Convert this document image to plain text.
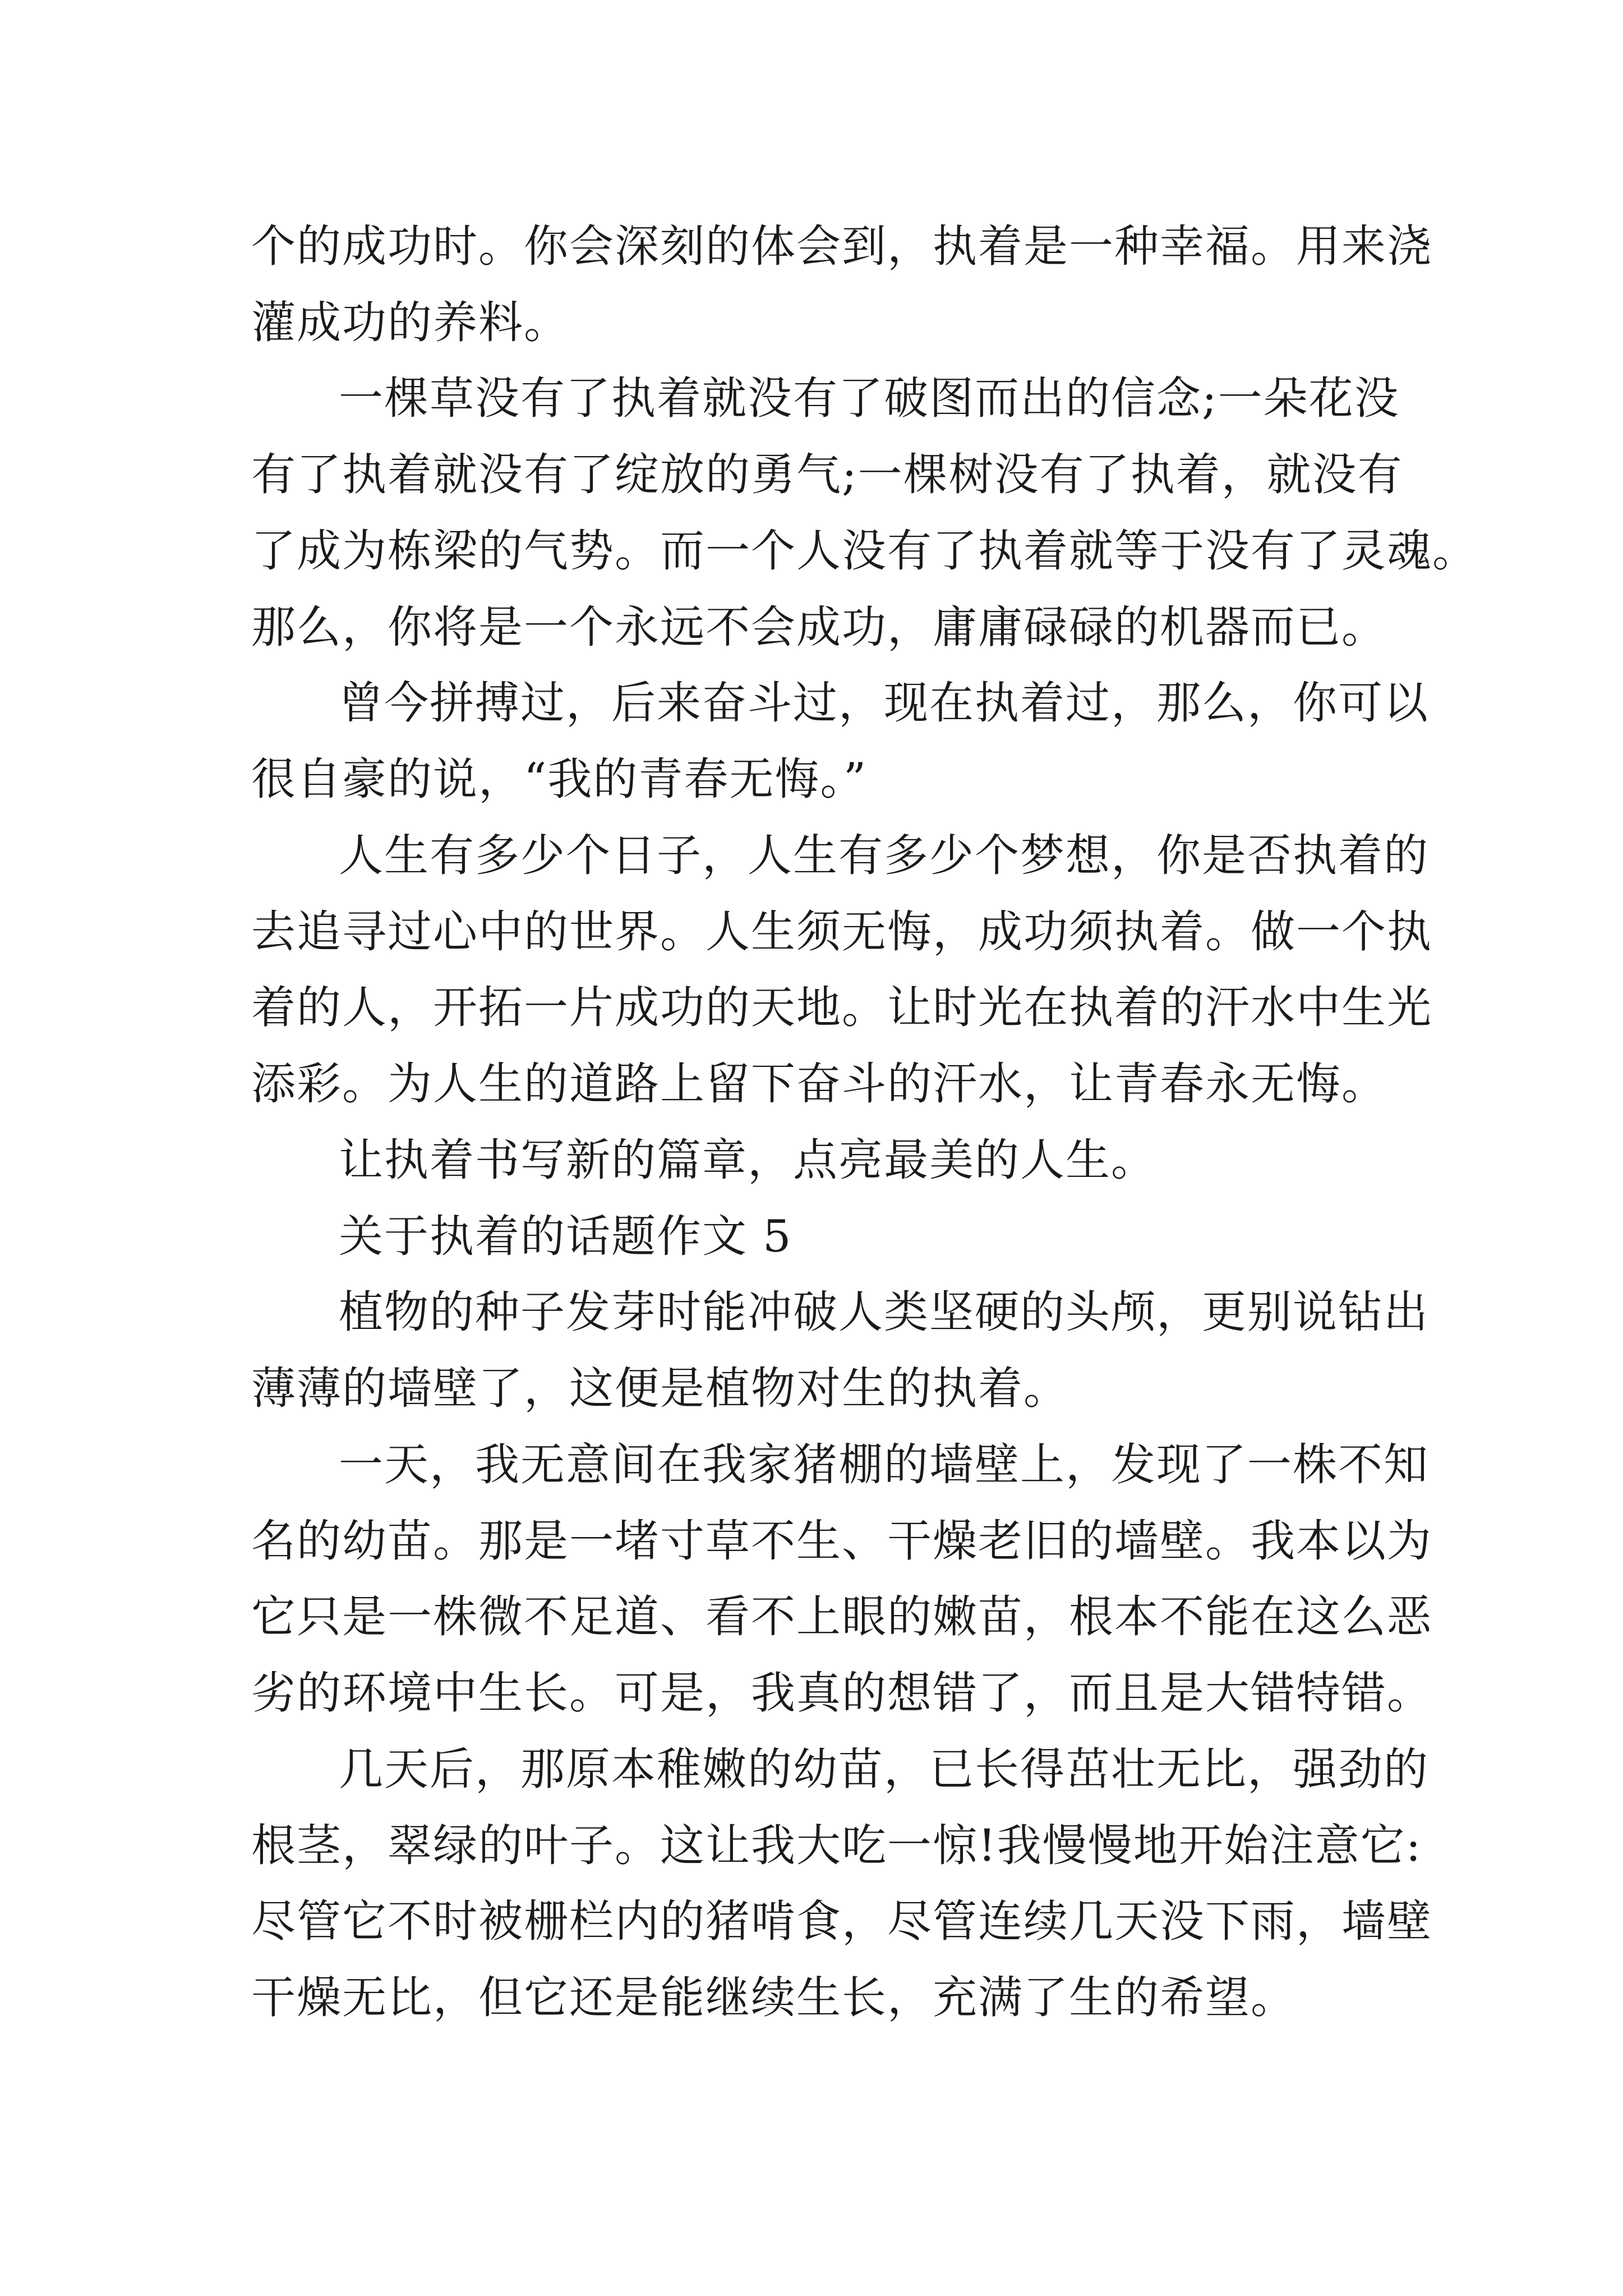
个的成功时。你会深刻的体会到，执着是一种幸福。用来浇

灌成功的养料。

一棵草没有了执着就没有了破图而出的信念;一朵花没

有了执着就没有了绽放的勇气;一棵树没有了执着，就没有

了成为栋梁的气势。而一个人没有了执着就等于没有了灵魂。

那么，你将是一个永远不会成功，庸庸碌碌的机器而已。

曾今拼搏过，后来奋斗过，现在执着过，那么，你可以

很自豪的说，“我的青春无悔。”

人生有多少个日子，人生有多少个梦想，你是否执着的

去追寻过心中的世界。人生须无悔，成功须执着。做一个执

着的人，开拓一片成功的天地。让时光在执着的汗水中生光

添彩。为人生的道路上留下奋斗的汗水，让青春永无悔。

让执着书写新的篇章，点亮最美的人生。

关于执着的话题作文 5

植物的种子发芽时能冲破人类坚硬的头颅，更别说钻出

薄薄的墙壁了，这便是植物对生的执着。

一天，我无意间在我家猪棚的墙壁上，发现了一株不知

名的幼苗。那是一堵寸草不生、干燥老旧的墙壁。我本以为

它只是一株微不足道、看不上眼的嫩苗，根本不能在这么恶

劣的环境中生长。可是，我真的想错了，而且是大错特错。

几天后，那原本稚嫩的幼苗，已长得茁壮无比，强劲的

根茎，翠绿的叶子。这让我大吃一惊!我慢慢地开始注意它:

尽管它不时被栅栏内的猪啃食，尽管连续几天没下雨，墙壁

干燥无比，但它还是能继续生长，充满了生的希望。
